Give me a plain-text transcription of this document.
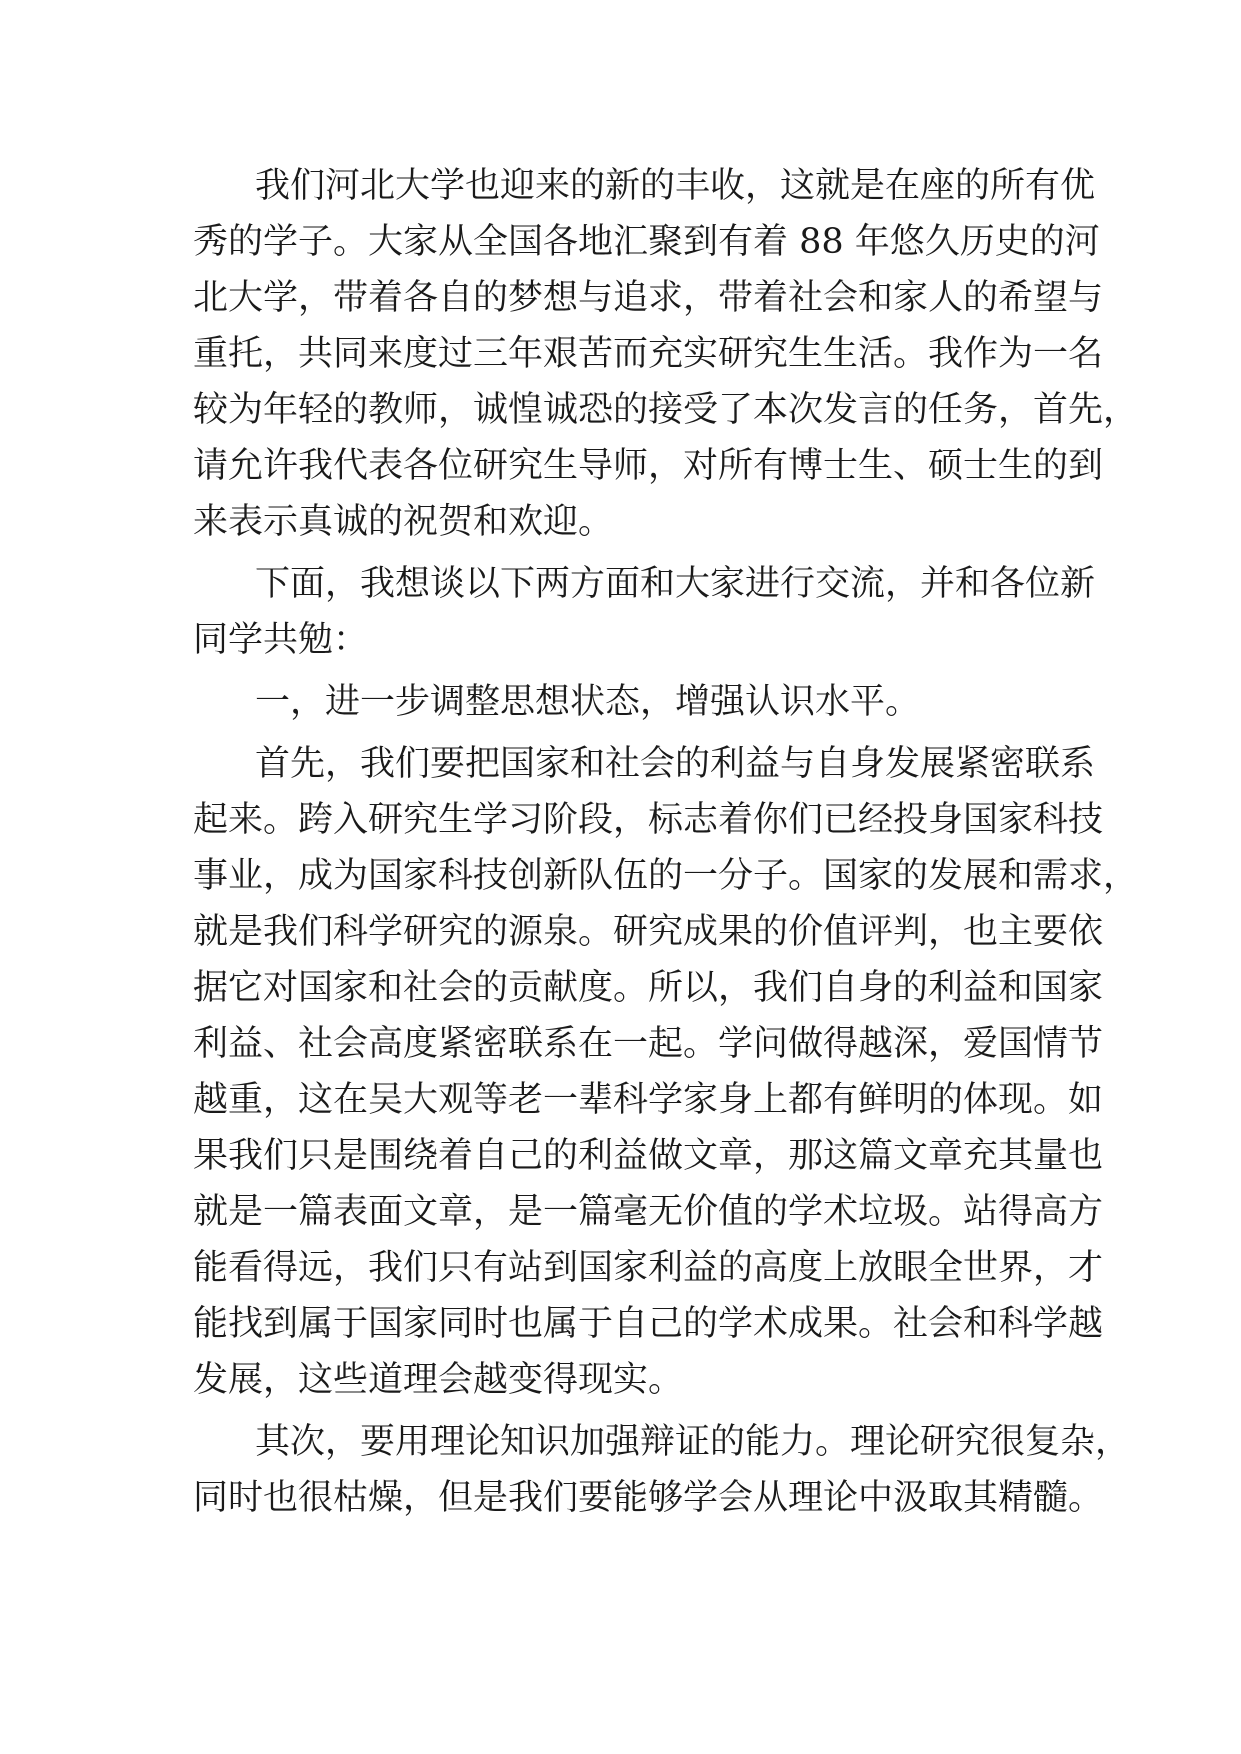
我们河北大学也迎来的新的丰收，这就是在座的所有优
秀的学子。大家从全国各地汇聚到有着 88 年悠久历史的河
北大学，带着各自的梦想与追求，带着社会和家人的希望与
重托，共同来度过三年艰苦而充实研究生生活。我作为一名
较为年轻的教师，诚惶诚恐的接受了本次发言的任务，首先，
请允许我代表各位研究生导师，对所有博士生、硕士生的到
来表示真诚的祝贺和欢迎。
下面，我想谈以下两方面和大家进行交流，并和各位新
同学共勉：
一，进一步调整思想状态，增强认识水平。
首先，我们要把国家和社会的利益与自身发展紧密联系
起来。跨入研究生学习阶段，标志着你们已经投身国家科技
事业，成为国家科技创新队伍的一分子。国家的发展和需求，
就是我们科学研究的源泉。研究成果的价值评判，也主要依
据它对国家和社会的贡献度。所以，我们自身的利益和国家
利益、社会高度紧密联系在一起。学问做得越深，爱国情节
越重，这在吴大观等老一辈科学家身上都有鲜明的体现。如
果我们只是围绕着自己的利益做文章，那这篇文章充其量也
就是一篇表面文章，是一篇毫无价值的学术垃圾。站得高方
能看得远，我们只有站到国家利益的高度上放眼全世界，才
能找到属于国家同时也属于自己的学术成果。社会和科学越
发展，这些道理会越变得现实。
其次，要用理论知识加强辩证的能力。理论研究很复杂，
同时也很枯燥，但是我们要能够学会从理论中汲取其精髓。
